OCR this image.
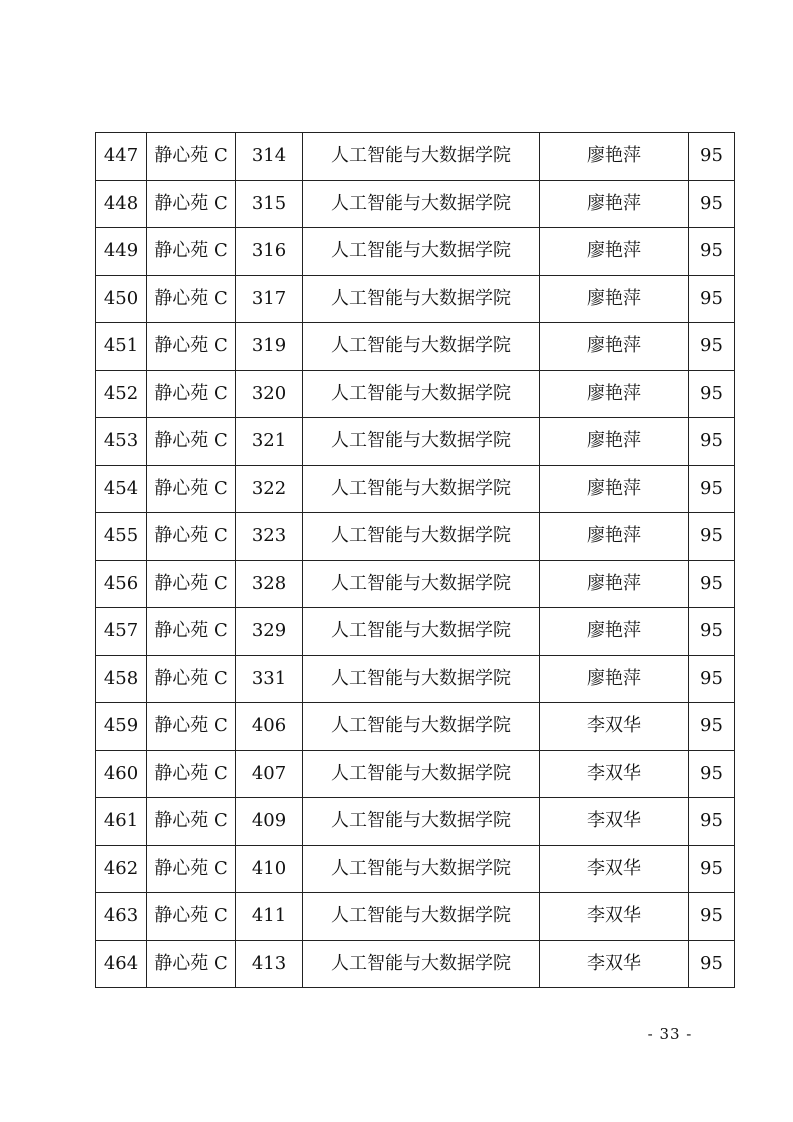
447	静心苑 C	314	人工智能与大数据学院	廖艳萍	95
448	静心苑 C	315	人工智能与大数据学院	廖艳萍	95
449	静心苑 C	316	人工智能与大数据学院	廖艳萍	95
450	静心苑 C	317	人工智能与大数据学院	廖艳萍	95
451	静心苑 C	319	人工智能与大数据学院	廖艳萍	95
452	静心苑 C	320	人工智能与大数据学院	廖艳萍	95
453	静心苑 C	321	人工智能与大数据学院	廖艳萍	95
454	静心苑 C	322	人工智能与大数据学院	廖艳萍	95
455	静心苑 C	323	人工智能与大数据学院	廖艳萍	95
456	静心苑 C	328	人工智能与大数据学院	廖艳萍	95
457	静心苑 C	329	人工智能与大数据学院	廖艳萍	95
458	静心苑 C	331	人工智能与大数据学院	廖艳萍	95
459	静心苑 C	406	人工智能与大数据学院	李双华	95
460	静心苑 C	407	人工智能与大数据学院	李双华	95
461	静心苑 C	409	人工智能与大数据学院	李双华	95
462	静心苑 C	410	人工智能与大数据学院	李双华	95
463	静心苑 C	411	人工智能与大数据学院	李双华	95
464	静心苑 C	413	人工智能与大数据学院	李双华	95
- 33 -
